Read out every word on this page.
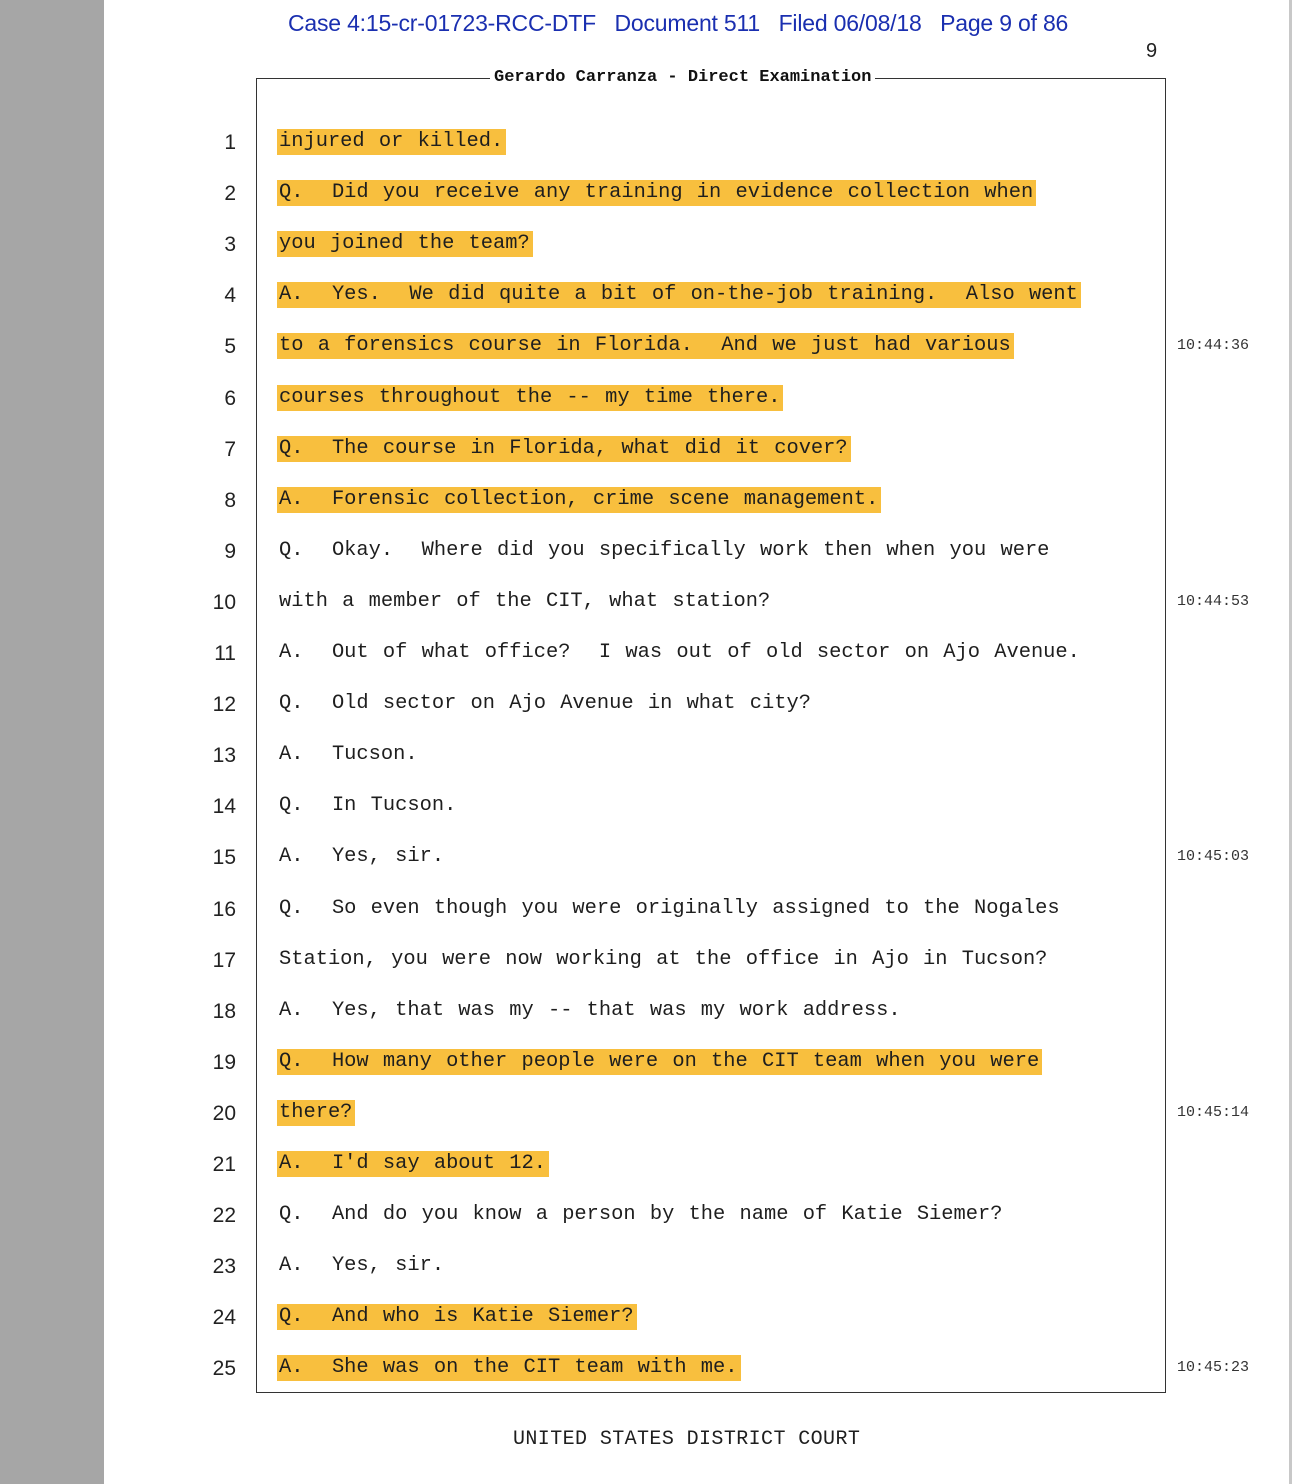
Case 4:15-cr-01723-RCC-DTF   Document 511   Filed 06/08/18   Page 9 of 86
9
Gerardo Carranza - Direct Examination
1 injured or killed.
2 Q.  Did you receive any training in evidence collection when
3 you joined the team?
4 A.  Yes.  We did quite a bit of on-the-job training.  Also went
5 to a forensics course in Florida.  And we just had various	10:44:36
6 courses throughout the -- my time there.
7 Q.  The course in Florida, what did it cover?
8 A.  Forensic collection, crime scene management.
9 Q.  Okay.  Where did you specifically work then when you were
10 with a member of the CIT, what station?	10:44:53
11 A.  Out of what office?  I was out of old sector on Ajo Avenue.
12 Q.  Old sector on Ajo Avenue in what city?
13 A.  Tucson.
14 Q.  In Tucson.
15 A.  Yes, sir.	10:45:03
16 Q.  So even though you were originally assigned to the Nogales
17 Station, you were now working at the office in Ajo in Tucson?
18 A.  Yes, that was my -- that was my work address.
19 Q.  How many other people were on the CIT team when you were
20 there?	10:45:14
21 A.  I'd say about 12.
22 Q.  And do you know a person by the name of Katie Siemer?
23 A.  Yes, sir.
24 Q.  And who is Katie Siemer?
25 A.  She was on the CIT team with me.	10:45:23
UNITED STATES DISTRICT COURT
